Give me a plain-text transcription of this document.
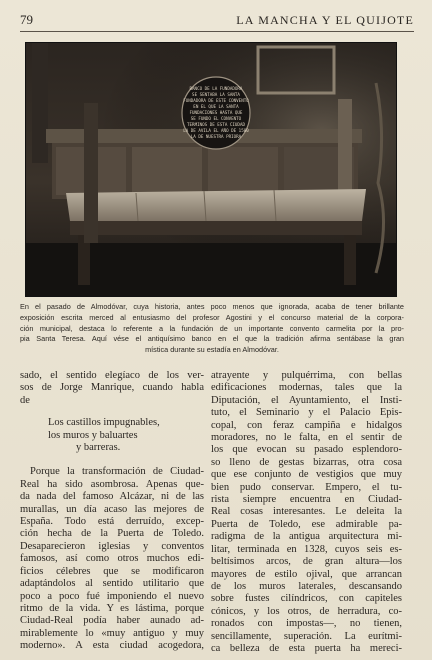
79	LA MANCHA Y EL QUIJOTE
BANCO DE LA FUNDADORA
SE SENTABA LA SANTA
FUNDADORA DE ESTE CONVENTO
EN EL QUE LA SANTA
FUNDACIONES HASTA QUE
SE FUNDO EL CONVENTO
TERMINOS DE ESTA CIUDAD
LA DE AVILA EL AÑO DE 1580
LA DE NUESTRA PRIORA
En el pasado de Almodóvar, cuya historia, antes poco menos que ignorada, acaba de tener brillante
exposición escrita merced al entusiasmo del profesor Agostini y el concurso material de la corpora-
ción municipal, destaca lo referente a la fundación de un importante convento carmelita por la pro-
pia Santa Teresa. Aquí vése el antiquísimo banco en el que la tradición afirma sentábase la gran
mística durante su estadía en Almodóvar.
sado, el sentido elegíaco de los ver-
sos de Jorge Manrique, cuando habla
de
Los castillos impugnables,
los muros y baluartes
y barreras.
Porque la transformación de Ciudad-
Real ha sido asombrosa. Apenas que-
da nada del famoso Alcázar, ni de las
murallas, un día acaso las mejores de
España. Todo está derruído, excep-
ción hecha de la Puerta de Toledo.
Desaparecieron iglesias y conventos
famosos, así como otros muchos edi-
ficios célebres que se modificaron
adaptándolos al sentido utilitario que
poco a poco fué imponiendo el nuevo
ritmo de la vida. Y es lástima, porque
Ciudad-Real podía haber aunado ad-
mirablemente lo «muy antiguo y muy
moderno». A esta ciudad acogedora,
atrayente y pulquérrima, con bellas
edificaciones modernas, tales que la
Diputación, el Ayuntamiento, el Insti-
tuto, el Seminario y el Palacio Epis-
copal, con feraz campiña e hidalgos
moradores, no le falta, en el sentir de
los que evocan su pasado esplendoro-
so lleno de gestas bizarras, otra cosa
que ese conjunto de vestigios que muy
bien pudo conservar. Empero, el tu-
rista siempre encuentra en Ciudad-
Real cosas interesantes. Le deleita la
Puerta de Toledo, ese admirable pa-
radigma de la antigua arquitectura mi-
litar, terminada en 1328, cuyos seis es-
beltísimos arcos, de gran altura—los
mayores de estilo ojival, que arrancan
de los muros laterales, descansando
sobre fustes cilíndricos, con capiteles
cónicos, y los otros, de herradura, co-
ronados con impostas—, no tienen,
sencillamente, superación. La eurítmi-
ca belleza de esta puerta ha mereci-
